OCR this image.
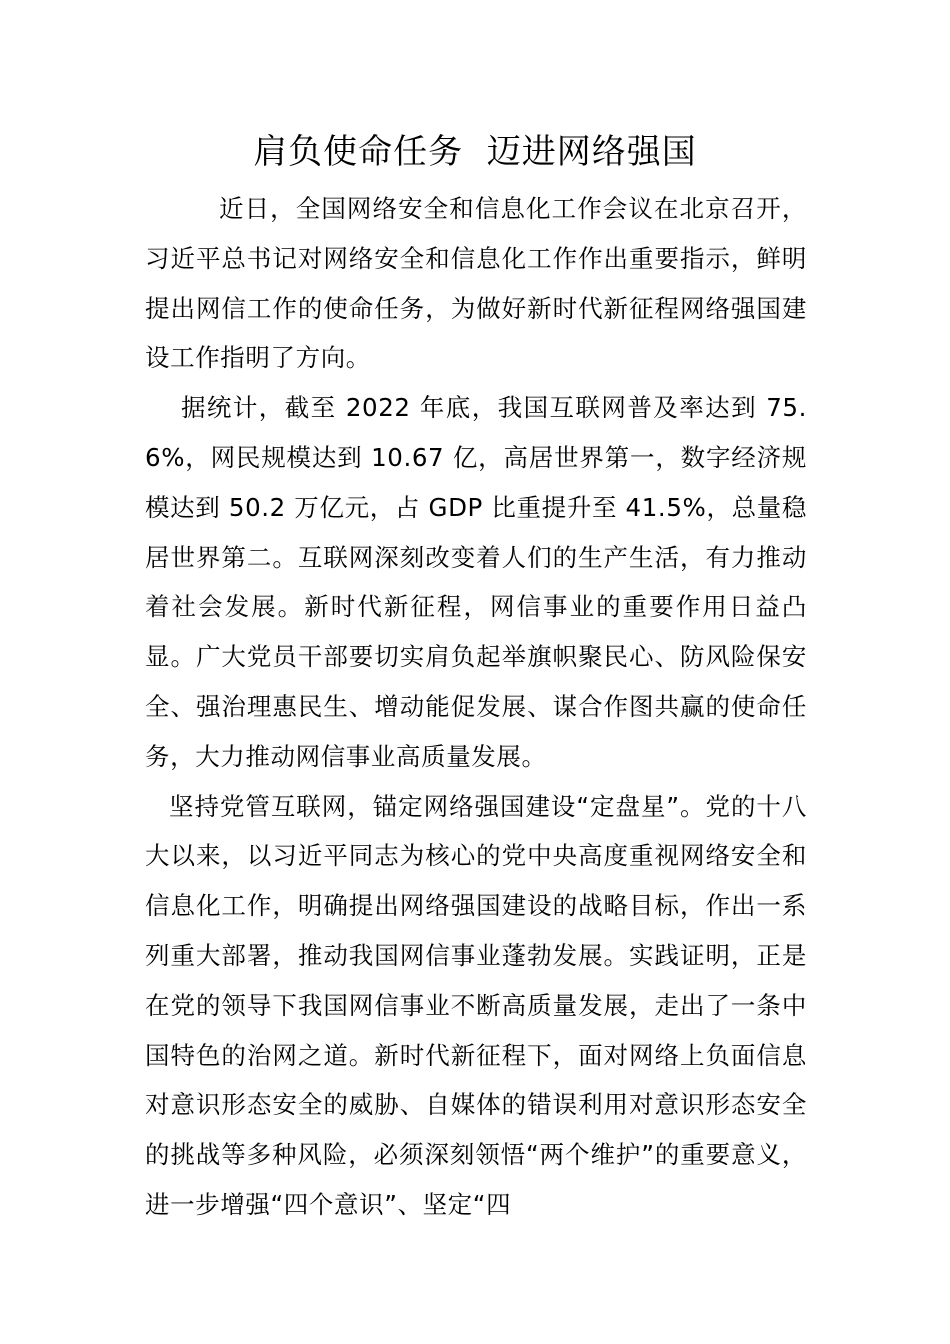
肩负使命任务  迈进网络强国

近日，全国网络安全和信息化工作会议在北京召开，习近平总书记对网络安全和信息化工作作出重要指示，鲜明提出网信工作的使命任务，为做好新时代新征程网络强国建设工作指明了方向。

据统计，截至 2022 年底，我国互联网普及率达到 75.6%，网民规模达到 10.67 亿，高居世界第一，数字经济规模达到 50.2 万亿元，占 GDP 比重提升至 41.5%，总量稳居世界第二。互联网深刻改变着人们的生产生活，有力推动着社会发展。新时代新征程，网信事业的重要作用日益凸显。广大党员干部要切实肩负起举旗帜聚民心、防风险保安全、强治理惠民生、增动能促发展、谋合作图共赢的使命任务，大力推动网信事业高质量发展。

坚持党管互联网，锚定网络强国建设“定盘星”。党的十八大以来，以习近平同志为核心的党中央高度重视网络安全和信息化工作，明确提出网络强国建设的战略目标，作出一系列重大部署，推动我国网信事业蓬勃发展。实践证明，正是在党的领导下我国网信事业不断高质量发展，走出了一条中国特色的治网之道。新时代新征程下，面对网络上负面信息对意识形态安全的威胁、自媒体的错误利用对意识形态安全的挑战等多种风险，必须深刻领悟“两个维护”的重要意义，进一步增强“四个意识”、坚定“四
